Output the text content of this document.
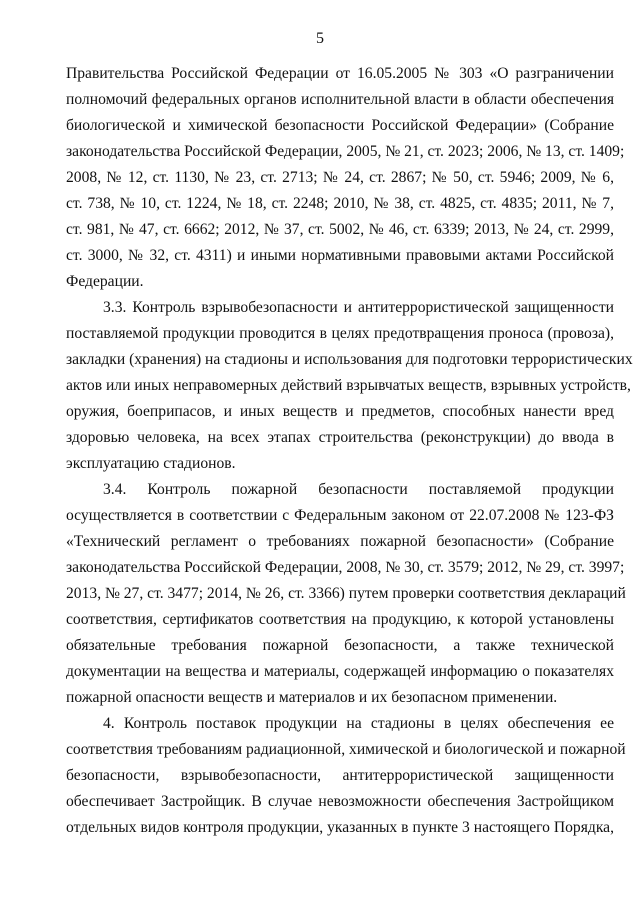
5
Правительства Российской Федерации от 16.05.2005 № 303 «О разграничении
полномочий федеральных органов исполнительной власти в области обеспечения
биологической и химической безопасности Российской Федерации» (Собрание
законодательства Российской Федерации, 2005, № 21, ст. 2023; 2006, № 13, ст. 1409;
2008, № 12, ст. 1130, № 23, ст. 2713; № 24, ст. 2867; № 50, ст. 5946; 2009, № 6,
ст. 738, № 10, ст. 1224, № 18, ст. 2248; 2010, № 38, ст. 4825, ст. 4835; 2011, № 7,
ст. 981, № 47, ст. 6662; 2012, № 37, ст. 5002, № 46, ст. 6339; 2013, № 24, ст. 2999,
ст. 3000, № 32, ст. 4311) и иными нормативными правовыми актами Российской
Федерации.
3.3. Контроль взрывобезопасности и антитеррористической защищенности
поставляемой продукции проводится в целях предотвращения проноса (провоза),
закладки (хранения) на стадионы и использования для подготовки террористических
актов или иных неправомерных действий взрывчатых веществ, взрывных устройств,
оружия, боеприпасов, и иных веществ и предметов, способных нанести вред
здоровью человека, на всех этапах строительства (реконструкции) до ввода в
эксплуатацию стадионов.
3.4. Контроль пожарной безопасности поставляемой продукции
осуществляется в соответствии с Федеральным законом от 22.07.2008 № 123-ФЗ
«Технический регламент о требованиях пожарной безопасности» (Собрание
законодательства Российской Федерации, 2008, № 30, ст. 3579; 2012, № 29, ст. 3997;
2013, № 27, ст. 3477; 2014, № 26, ст. 3366) путем проверки соответствия деклараций
соответствия, сертификатов соответствия на продукцию, к которой установлены
обязательные требования пожарной безопасности, а также технической
документации на вещества и материалы, содержащей информацию о показателях
пожарной опасности веществ и материалов и их безопасном применении.
4. Контроль поставок продукции на стадионы в целях обеспечения ее
соответствия требованиям радиационной, химической и биологической и пожарной
безопасности, взрывобезопасности, антитеррористической защищенности
обеспечивает Застройщик. В случае невозможности обеспечения Застройщиком
отдельных видов контроля продукции, указанных в пункте 3 настоящего Порядка,
